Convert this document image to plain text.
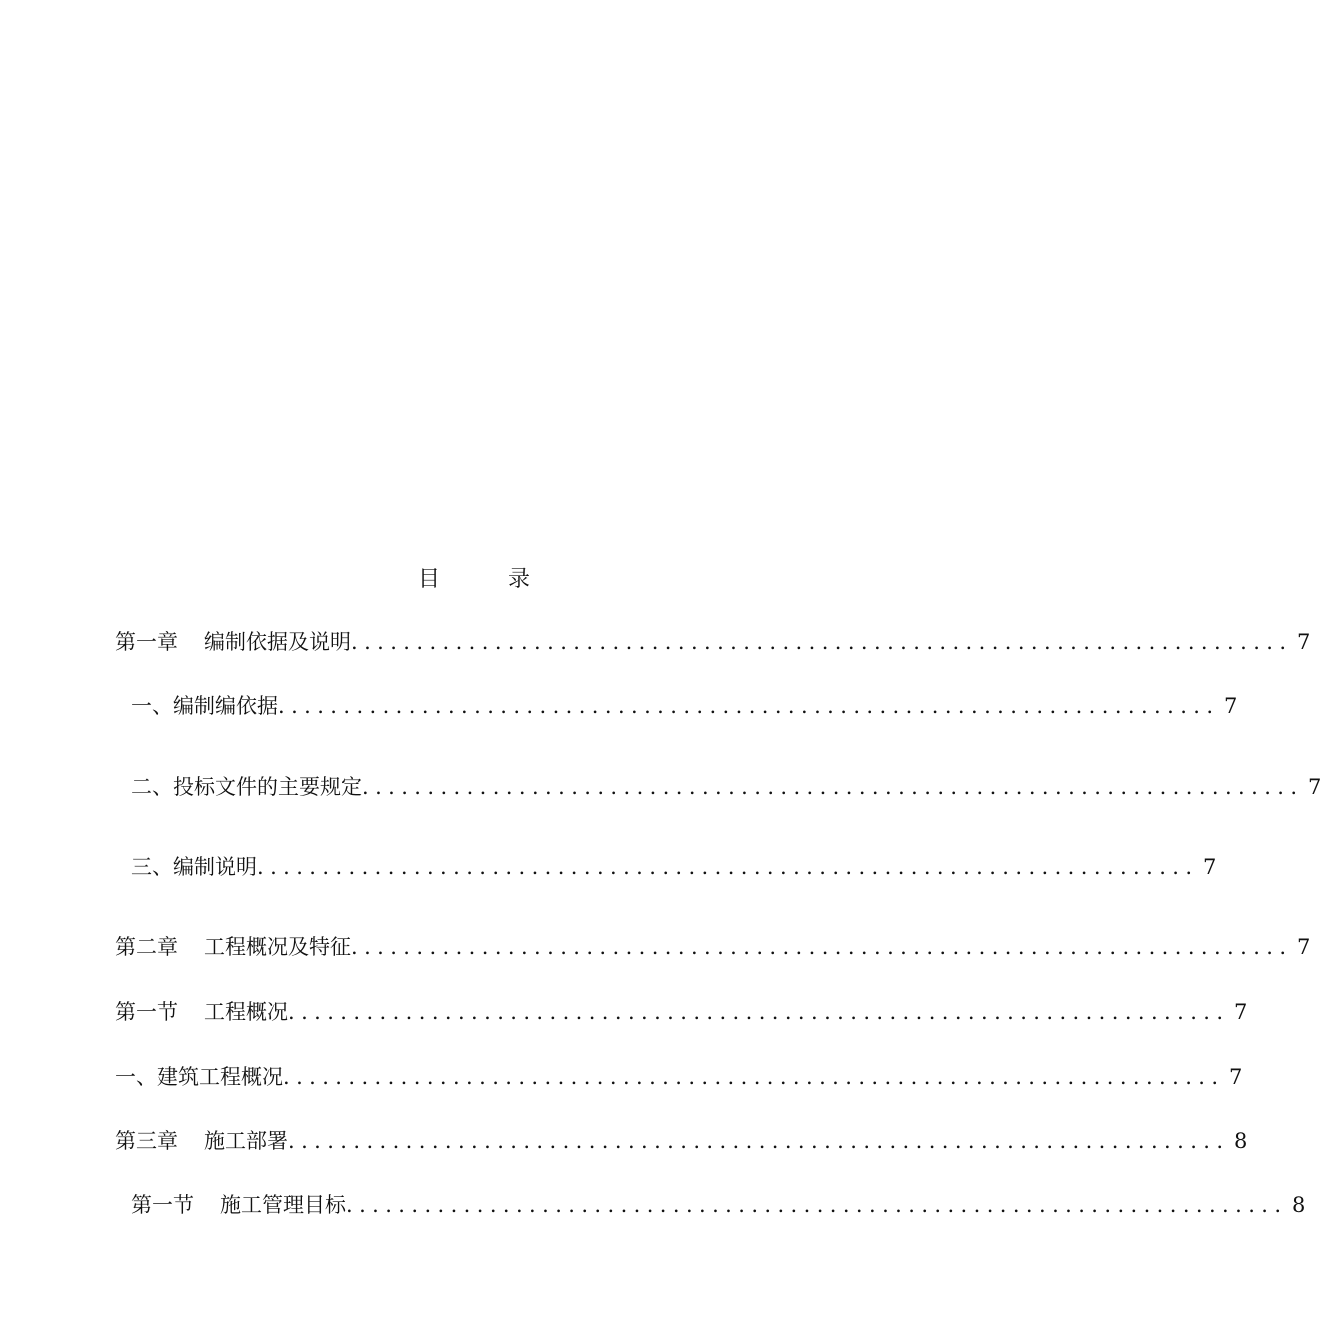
目	录
第一章 编制依据及说明 ........................................................................ 7
一、编制编依据 ........................................................................ 7
二、投标文件的主要规定 ........................................................................ 7
三、编制说明 ........................................................................ 7
第二章 工程概况及特征 ........................................................................ 7
第一节 工程概况 ........................................................................ 7
一、建筑工程概况 ........................................................................ 7
第三章 施工部署 ........................................................................ 8
第一节 施工管理目标 ........................................................................ 8
